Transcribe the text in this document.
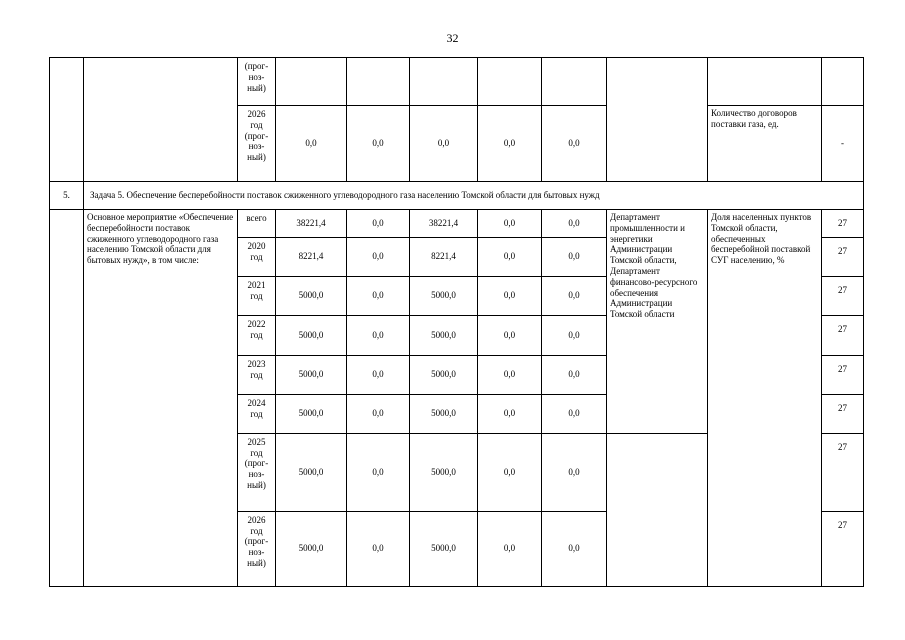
32
		(прог-
ноз-
ный)								
		2026
год
(прог-
ноз-
ный)	0,0	0,0	0,0	0,0	0,0		Количество договоров поставки газа, ед.	-
5.	Задача 5. Обеспечение бесперебойности поставок сжиженного углеводородного газа населению Томской области для бытовых нужд									
	Основное мероприятие «Обеспечение бесперебойности поставок сжиженного углеводородного газа населению Томской области для бытовых нужд», в том числе:	всего	38221,4	0,0	38221,4	0,0	0,0	Департамент промышленности и энергетики Администрации Томской области, Департамент финансово-ресурсного обеспечения Администрации Томской области	Доля населенных пунктов Томской области, обеспеченных бесперебойной поставкой СУГ населению, %	27
		2020
год	8221,4	0,0	8221,4	0,0	0,0			27
		2021
год	5000,0	0,0	5000,0	0,0	0,0			27
		2022
год	5000,0	0,0	5000,0	0,0	0,0			27
		2023
год	5000,0	0,0	5000,0	0,0	0,0			27
		2024
год	5000,0	0,0	5000,0	0,0	0,0			27
		2025
год
(прог-
ноз-
ный)	5000,0	0,0	5000,0	0,0	0,0			27
		2026
год
(прог-
ноз-
ный)	5000,0	0,0	5000,0	0,0	0,0			27
